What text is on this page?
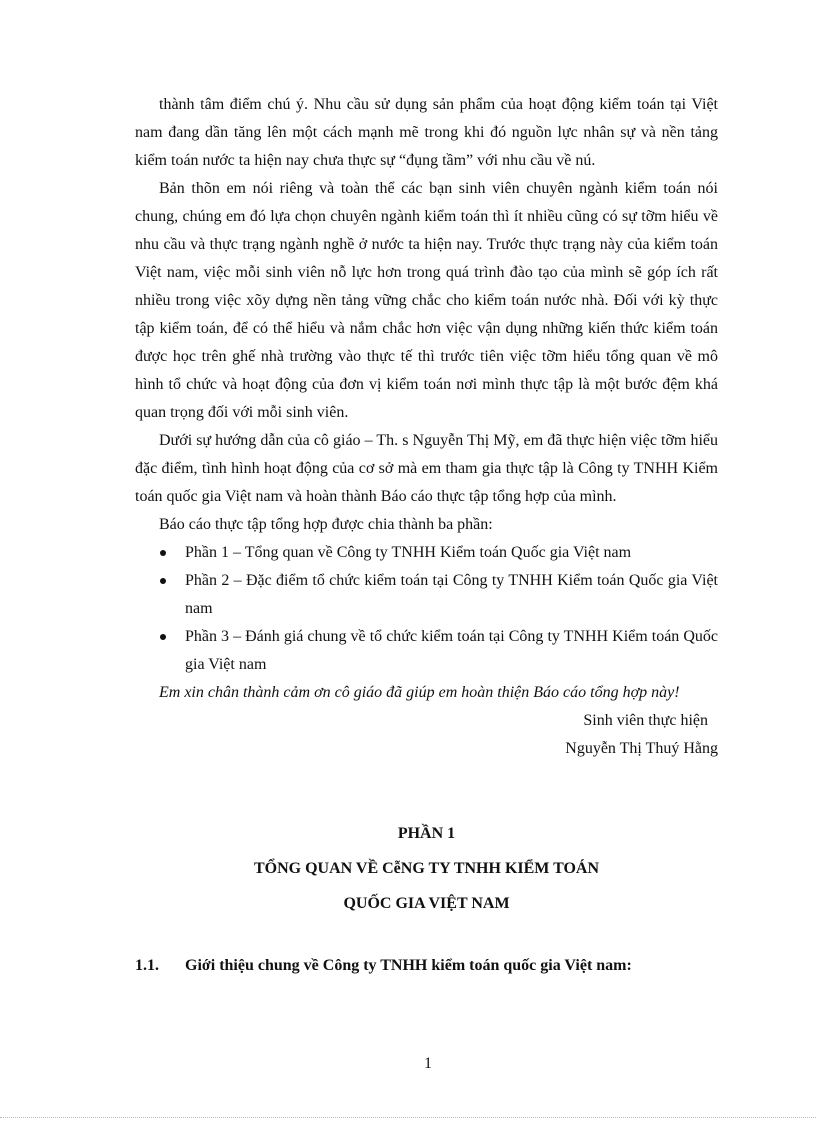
thành tâm điểm chú ý. Nhu cầu sử dụng sản phẩm của hoạt động kiểm toán tại Việt nam đang dần tăng lên một cách mạnh mẽ trong khi đó nguồn lực nhân sự và nền tảng kiểm toán nước ta hiện nay chưa thực sự “đụng tầm” với nhu cầu về nú.

Bản thõn em nói riêng và toàn thể các bạn sinh viên chuyên ngành kiểm toán nói chung, chúng em đó lựa chọn chuyên ngành kiểm toán thì ít nhiều cũng có sự tỡm hiểu về nhu cầu và thực trạng ngành nghề ở nước ta hiện nay. Trước thực trạng này của kiểm toán Việt nam, việc mỗi sinh viên nỗ lực hơn trong quá trình đào tạo của mình sẽ góp ích rất nhiều trong việc xõy dựng nền tảng vững chắc cho kiểm toán nước nhà. Đối với kỳ thực tập kiểm toán, để có thể hiểu và nắm chắc hơn việc vận dụng những kiến thức kiểm toán được học trên ghế nhà trường vào thực tế thì trước tiên việc tỡm hiểu tổng quan về mô hình tổ chức và hoạt động của đơn vị kiểm toán nơi mình thực tập là một bước đệm khá quan trọng đối với mỗi sinh viên.

Dưới sự hướng dẫn của cô giáo – Th. s Nguyễn Thị Mỹ, em đã thực hiện việc tỡm hiểu đặc điểm, tình hình hoạt động của cơ sở mà em tham gia thực tập là Công ty TNHH Kiểm toán quốc gia Việt nam và hoàn thành Báo cáo thực tập tổng hợp của mình.

Báo cáo thực tập tổng hợp được chia thành ba phần:

Phần 1 – Tổng quan về Công ty TNHH Kiểm toán Quốc gia Việt nam
Phần 2 – Đặc điểm tổ chức kiểm toán tại Công ty TNHH Kiểm toán Quốc gia Việt nam
Phần 3 – Đánh giá chung về tổ chức kiểm toán tại Công ty TNHH Kiểm toán Quốc gia Việt nam

Em xin chân thành cảm ơn cô giáo đã giúp em hoàn thiện Báo cáo tổng hợp này!

Sinh viên thực hiện

Nguyễn Thị Thuý Hằng

PHẦN 1
TỔNG QUAN VỀ CễNG TY TNHH KIỂM TOÁN
QUỐC GIA VIỆT NAM
1.1. Giới thiệu chung về Công ty TNHH kiểm toán quốc gia Việt nam:
1
